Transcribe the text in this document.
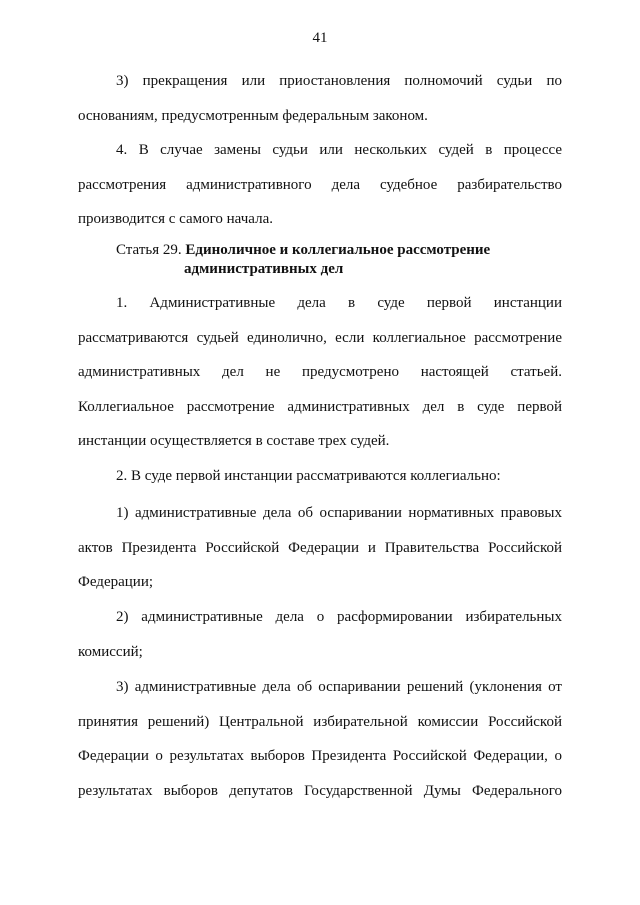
41
3) прекращения или приостановления полномочий судьи по
основаниям, предусмотренным федеральным законом.
4. В случае замены судьи или нескольких судей в процессе
рассмотрения административного дела судебное разбирательство
производится с самого начала.
Статья 29. Единоличное и коллегиальное рассмотрение
административных дел
1. Административные дела в суде первой инстанции
рассматриваются судьей единолично, если коллегиальное рассмотрение
административных дел не предусмотрено настоящей статьей.
Коллегиальное рассмотрение административных дел в суде первой
инстанции осуществляется в составе трех судей.
2. В суде первой инстанции рассматриваются коллегиально:
1) административные дела об оспаривании нормативных правовых
актов Президента Российской Федерации и Правительства Российской
Федерации;
2) административные дела о расформировании избирательных
комиссий;
3) административные дела об оспаривании решений (уклонения от
принятия решений) Центральной избирательной комиссии Российской
Федерации о результатах выборов Президента Российской Федерации, о
результатах выборов депутатов Государственной Думы Федерального
